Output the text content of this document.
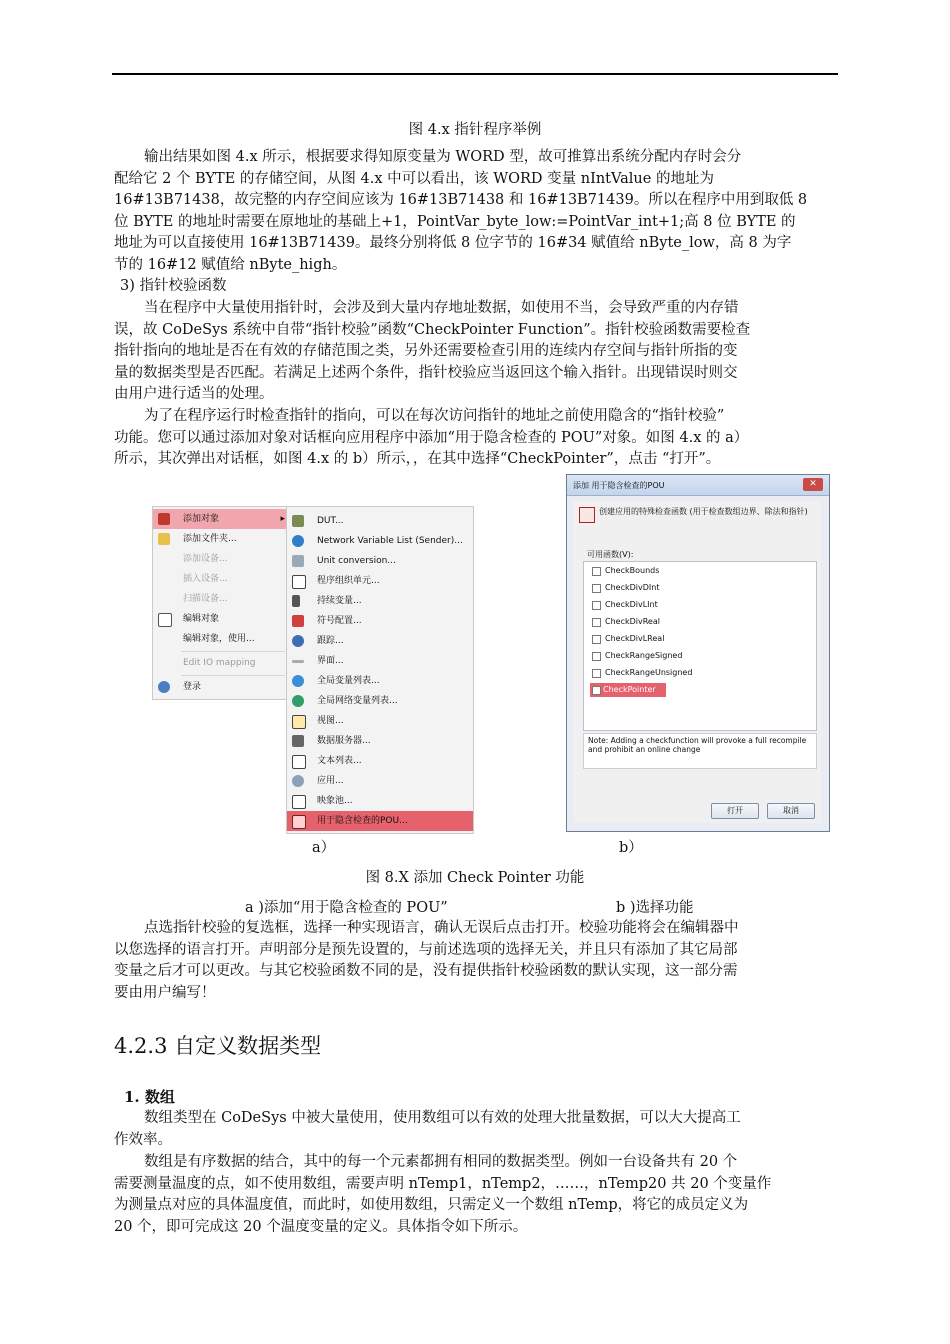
图 4.x 指针程序举例
输出结果如图 4.x 所示，根据要求得知原变量为 WORD 型，故可推算出系统分配内存时会分
配给它 2 个 BYTE 的存储空间，从图 4.x 中可以看出，该 WORD 变量 nIntValue 的地址为
16#13B71438，故完整的内存空间应该为 16#13B71438 和 16#13B71439。所以在程序中用到取低 8
位 BYTE 的地址时需要在原地址的基础上+1，PointVar_byte_low:=PointVar_int+1;高 8 位 BYTE 的
地址为可以直接使用 16#13B71439。最终分别将低 8 位字节的 16#34 赋值给 nByte_low，高 8 为字
节的 16#12 赋值给 nByte_high。
3) 指针校验函数
当在程序中大量使用指针时，会涉及到大量内存地址数据，如使用不当，会导致严重的内存错
误，故 CoDeSys 系统中自带“指针校验”函数“CheckPointer Function”。指针校验函数需要检查
指针指向的地址是否在有效的存储范围之类，另外还需要检查引用的连续内存空间与指针所指的变
量的数据类型是否匹配。若满足上述两个条件，指针校验应当返回这个输入指针。出现错误时则交
由用户进行适当的处理。
为了在程序运行时检查指针的指向，可以在每次访问指针的地址之前使用隐含的“指针校验”
功能。您可以通过添加对象对话框向应用程序中添加“用于隐含检查的 POU”对象。如图 4.x 的 a）
所示，其次弹出对话框，如图 4.x 的 b）所示，，在其中选择“CheckPointer”，点击 “打开”。
添加对象	▸
添加文件夹...
添加设备...
插入设备...
扫描设备...
编辑对象
编辑对象，使用...
Edit IO mapping
登录
DUT...
Network Variable List (Sender)...
Unit conversion...
程序组织单元...
持续变量...
符号配置...
跟踪...
界面...
全局变量列表...
全局网络变量列表...
视图...
数据服务器...
文本列表...
应用...
映象池...
用于隐含检查的POU...
添加 用于隐含检查的POU	✕
创建应用的特殊检查函数 (用于检查数组边界、除法和指针)
可用函数(V):
CheckBounds
CheckDivDInt
CheckDivLInt
CheckDivReal
CheckDivLReal
CheckRangeSigned
CheckRangeUnsigned
CheckPointer
Note: Adding a checkfunction will provoke a full recompile and prohibit an online change
打开	取消
a）	b）
图 8.X 添加 Check Pointer 功能
a )添加“用于隐含检查的 POU”	b )选择功能
点选指针校验的复选框，选择一种实现语言，确认无误后点击打开。校验功能将会在编辑器中
以您选择的语言打开。声明部分是预先设置的，与前述选项的选择无关，并且只有添加了其它局部
变量之后才可以更改。与其它校验函数不同的是，没有提供指针校验函数的默认实现，这一部分需
要由用户编写！
4.2.3 自定义数据类型
1. 数组
数组类型在 CoDeSys 中被大量使用，使用数组可以有效的处理大批量数据，可以大大提高工
作效率。
数组是有序数据的结合，其中的每一个元素都拥有相同的数据类型。例如一台设备共有 20 个
需要测量温度的点，如不使用数组，需要声明 nTemp1，nTemp2，……，nTemp20 共 20 个变量作
为测量点对应的具体温度值，而此时，如使用数组，只需定义一个数组 nTemp，将它的成员定义为
20 个，即可完成这 20 个温度变量的定义。具体指令如下所示。
